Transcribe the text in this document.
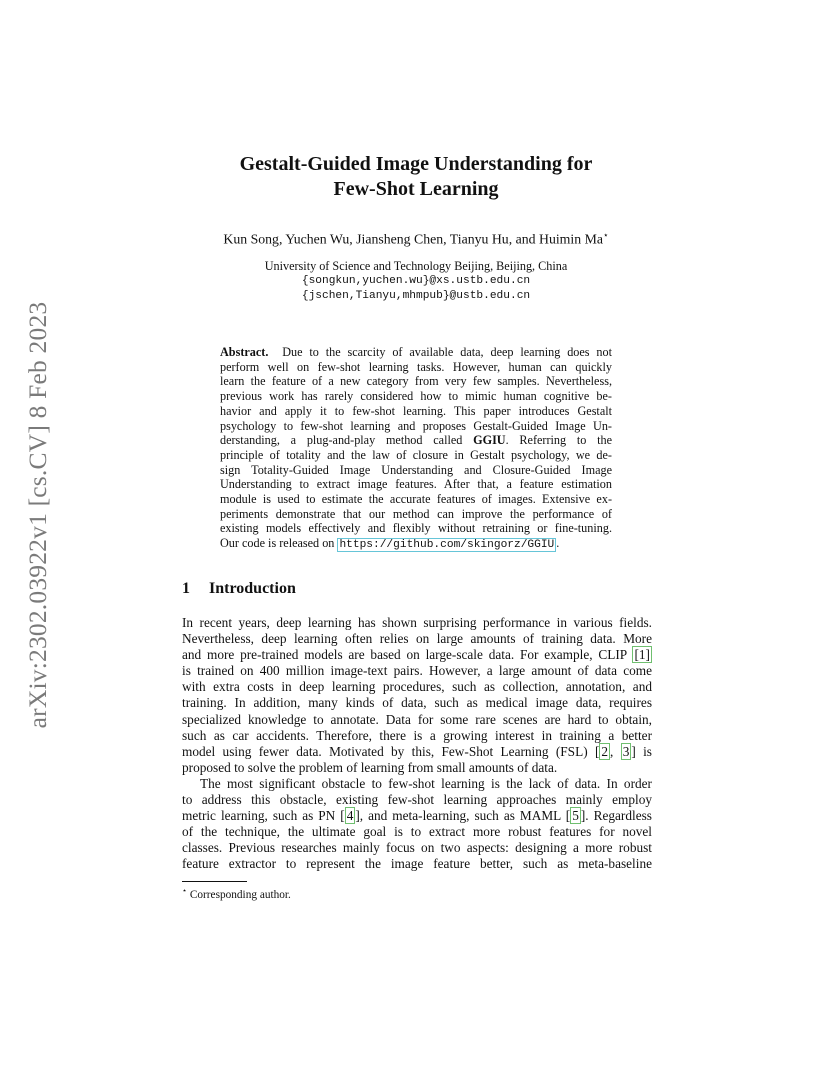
arXiv:2302.03922v1 [cs.CV] 8 Feb 2023
Gestalt-Guided Image Understanding for
Few-Shot Learning
Kun Song, Yuchen Wu, Jiansheng Chen, Tianyu Hu, and Huimin Ma⋆
University of Science and Technology Beijing, Beijing, China
{songkun,yuchen.wu}@xs.ustb.edu.cn
{jschen,Tianyu,mhmpub}@ustb.edu.cn
Abstract. Due to the scarcity of available data, deep learning does not
perform well on few-shot learning tasks. However, human can quickly
learn the feature of a new category from very few samples. Nevertheless,
previous work has rarely considered how to mimic human cognitive be-
havior and apply it to few-shot learning. This paper introduces Gestalt
psychology to few-shot learning and proposes Gestalt-Guided Image Un-
derstanding, a plug-and-play method called GGIU. Referring to the
principle of totality and the law of closure in Gestalt psychology, we de-
sign Totality-Guided Image Understanding and Closure-Guided Image
Understanding to extract image features. After that, a feature estimation
module is used to estimate the accurate features of images. Extensive ex-
periments demonstrate that our method can improve the performance of
existing models effectively and flexibly without retraining or fine-tuning.
Our code is released on https://github.com/skingorz/GGIU .
1 Introduction
In recent years, deep learning has shown surprising performance in various fields.
Nevertheless, deep learning often relies on large amounts of training data. More
and more pre-trained models are based on large-scale data. For example, CLIP [1]
is trained on 400 million image-text pairs. However, a large amount of data come
with extra costs in deep learning procedures, such as collection, annotation, and
training. In addition, many kinds of data, such as medical image data, requires
specialized knowledge to annotate. Data for some rare scenes are hard to obtain,
such as car accidents. Therefore, there is a growing interest in training a better
model using fewer data. Motivated by this, Few-Shot Learning (FSL) [ 2 , 3 ] is
proposed to solve the problem of learning from small amounts of data.
The most significant obstacle to few-shot learning is the lack of data. In order
to address this obstacle, existing few-shot learning approaches mainly employ
metric learning, such as PN [ 4 ], and meta-learning, such as MAML [ 5 ]. Regardless
of the technique, the ultimate goal is to extract more robust features for novel
classes. Previous researches mainly focus on two aspects: designing a more robust
feature extractor to represent the image feature better, such as meta-baseline
⋆ Corresponding author.
